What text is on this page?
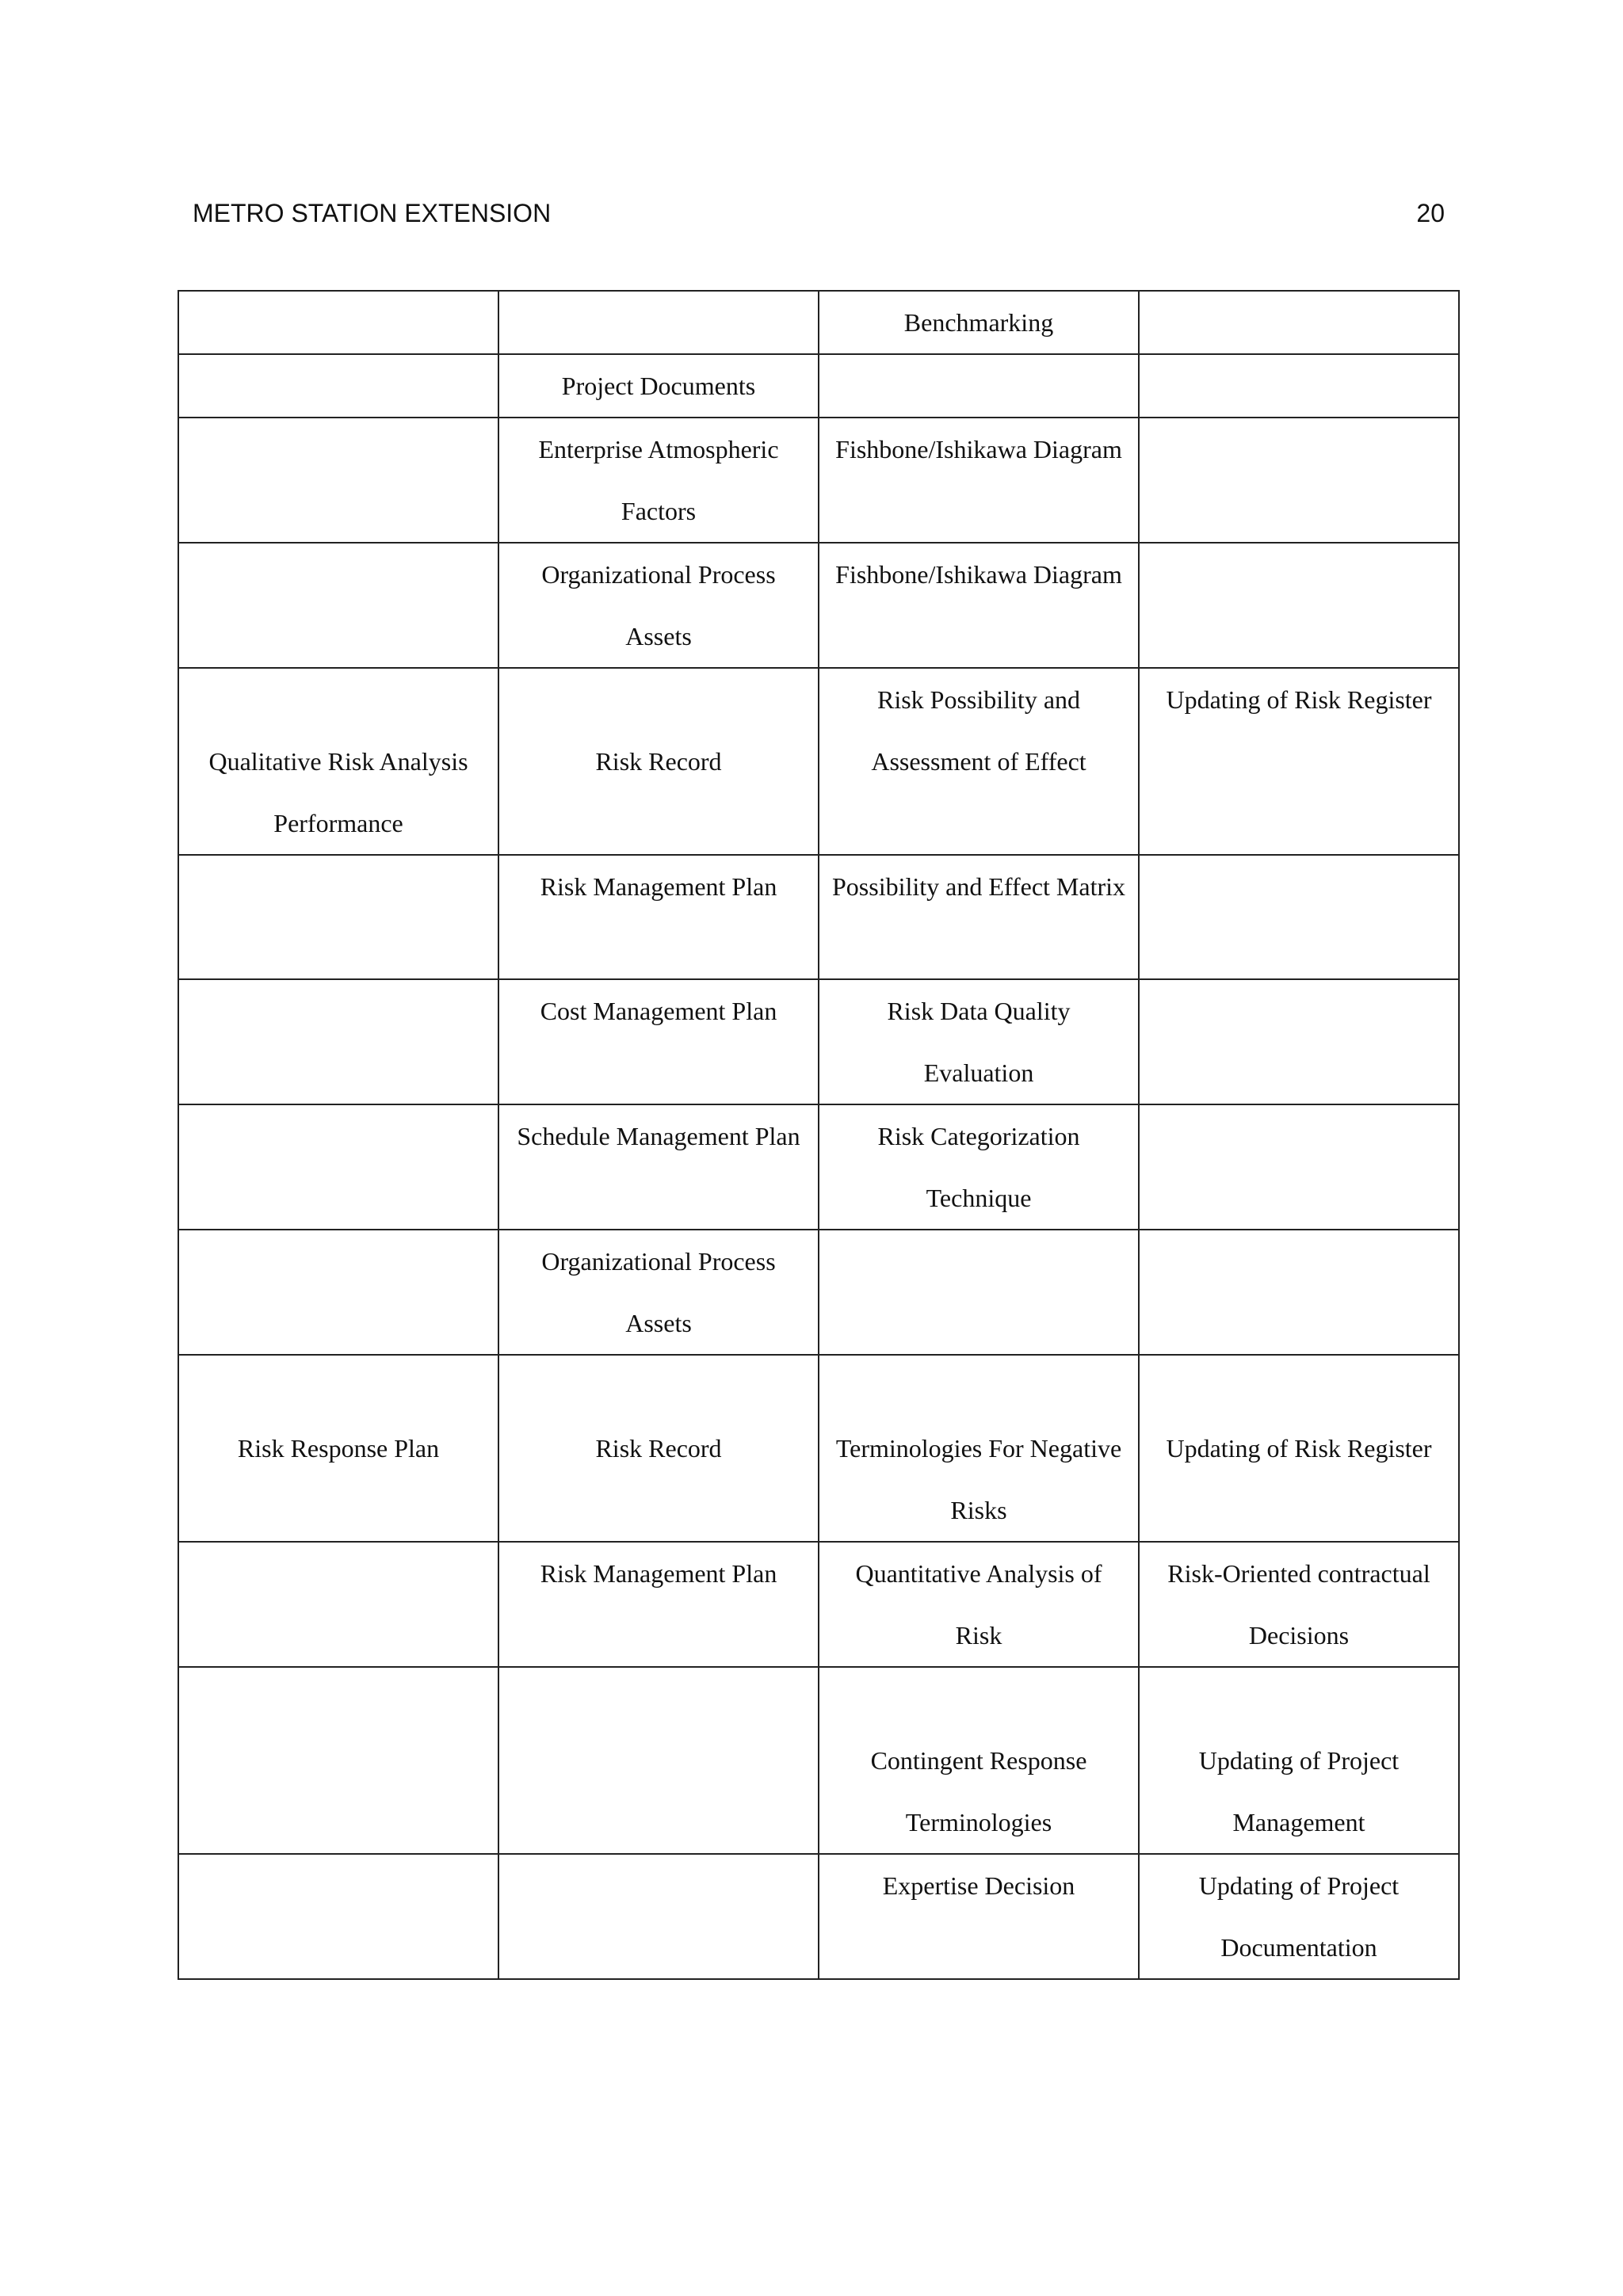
METRO STATION EXTENSION	20

		Benchmarking	

	Project Documents		

	Enterprise Atmospheric Factors	Fishbone/Ishikawa Diagram	

	Organizational Process Assets	Fishbone/Ishikawa Diagram	

Qualitative Risk Analysis Performance	Risk Record	Risk Possibility and Assessment of Effect	Updating of Risk Register

	Risk Management Plan	Possibility and Effect Matrix	

	Cost Management Plan	Risk Data Quality Evaluation	

	Schedule Management Plan	Risk Categorization Technique	

	Organizational Process Assets		

Risk Response Plan	Risk Record	Terminologies For Negative Risks	Updating of Risk Register

	Risk Management Plan	Quantitative Analysis of Risk	Risk-Oriented contractual Decisions

		Contingent Response Terminologies	Updating of Project Management

		Expertise Decision	Updating of Project Documentation
